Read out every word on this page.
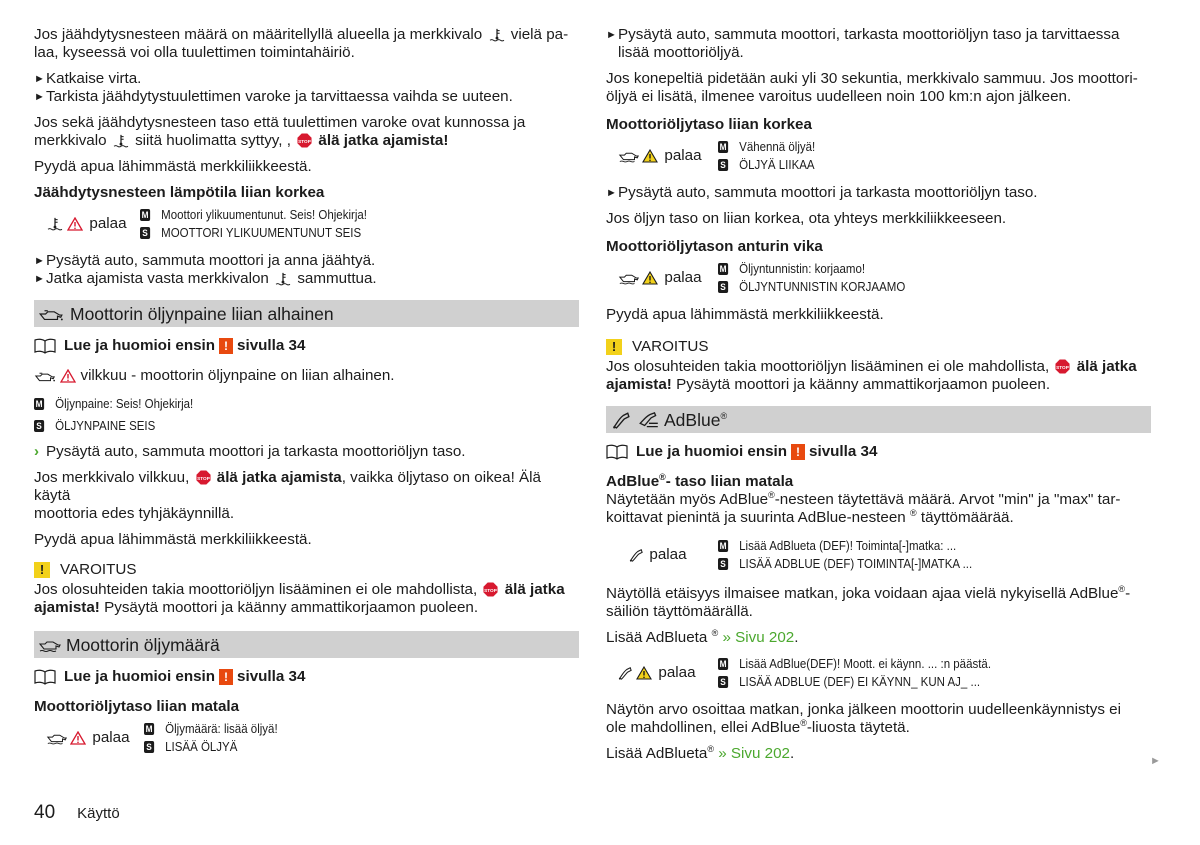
Jos jäähdytysnesteen määrä on määritellyllä alueella ja merkkivalo vielä pa-
laa, kyseessä voi olla tuulettimen toimintahäiriö.

► Katkaise virta.
► Tarkista jäähdytystuulettimen varoke ja tarvittaessa vaihda se uuteen.

Jos sekä jäähdytysnesteen taso että tuulettimen varoke ovat kunnossa ja
merkkivalo siitä huolimatta syttyy, , älä jatka ajamista!

Pyydä apua lähimmästä merkkiliikkeestä.

Jäähdytysnesteen lämpötila liian korkea

palaa M Moottori ylikuumentunut. Seis! Ohjekirja!
S MOOTTORI YLIKUUMENTUNUT SEIS
► Pysäytä auto, sammuta moottori ja anna jäähtyä.
► Jatka ajamista vasta merkkivalon sammuttua.
Moottorin öljynpaine liian alhainen
Lue ja huomioi ensin ! sivulla 34

vilkkuu - moottorin öljynpaine on liian alhainen.

M Öljynpaine: Seis! Ohjekirja!
S ÖLJYNPAINE SEIS
› Pysäytä auto, sammuta moottori ja tarkasta moottoriöljyn taso.

Jos merkkivalo vilkkuu, älä jatka ajamista, vaikka öljytaso on oikea! Älä käytä
moottoria edes tyhjäkäynnillä.

Pyydä apua lähimmästä merkkiliikkeestä.

!	VAROITUS

Jos olosuhteiden takia moottoriöljyn lisääminen ei ole mahdollista, älä jatka
ajamista! Pysäytä moottori ja käänny ammattikorjaamon puoleen.

Moottorin öljymäärä
Lue ja huomioi ensin ! sivulla 34

Moottoriöljytaso liian matala

palaa M Öljymäärä: lisää öljyä!
S LISÄÄ ÖLJYÄ
► Pysäytä auto, sammuta moottori, tarkasta moottoriöljyn taso ja tarvittaessa
lisää moottoriöljyä.

Jos konepeltiä pidetään auki yli 30 sekuntia, merkkivalo sammuu. Jos moottori-
öljyä ei lisätä, ilmenee varoitus uudelleen noin 100 km:n ajon jälkeen.

Moottoriöljytaso liian korkea

palaa M Vähennä öljyä!
S ÖLJYÄ LIIKAA
► Pysäytä auto, sammuta moottori ja tarkasta moottoriöljyn taso.

Jos öljyn taso on liian korkea, ota yhteys merkkiliikkeeseen.

Moottoriöljytason anturin vika

palaa M Öljyntunnistin: korjaamo!
S ÖLJYNTUNNISTIN KORJAAMO

Pyydä apua lähimmästä merkkiliikkeestä.

!	VAROITUS

Jos olosuhteiden takia moottoriöljyn lisääminen ei ole mahdollista, älä jatka
ajamista! Pysäytä moottori ja käänny ammattikorjaamon puoleen.

AdBlue®
Lue ja huomioi ensin ! sivulla 34

AdBlue®- taso liian matala

Näytetään myös AdBlue®-nesteen täytettävä määrä. Arvot "min" ja "max" tar-
koittavat pienintä ja suurinta AdBlue-nesteen ® täyttömäärää.

palaa	M Lisää AdBlueta (DEF)! Toiminta[-]matka: ...
S LISÄÄ ADBLUE (DEF) TOIMINTA[-]MATKA ...

Näytöllä etäisyys ilmaisee matkan, joka voidaan ajaa vielä nykyisellä AdBlue®-
säiliön täyttömäärällä.

Lisää AdBlueta ® » Sivu 202.

palaa	M Lisää AdBlue(DEF)! Moott. ei käynn. ... :n päästä.
S LISÄÄ ADBLUE (DEF) EI KÄYNN_ KUN AJ_ ...

Näytön arvo osoittaa matkan, jonka jälkeen moottorin uudelleenkäynnistys ei
ole mahdollinen, ellei AdBlue®-liuosta täytetä.

Lisää AdBlueta® » Sivu 202.	►
40 Käyttö
